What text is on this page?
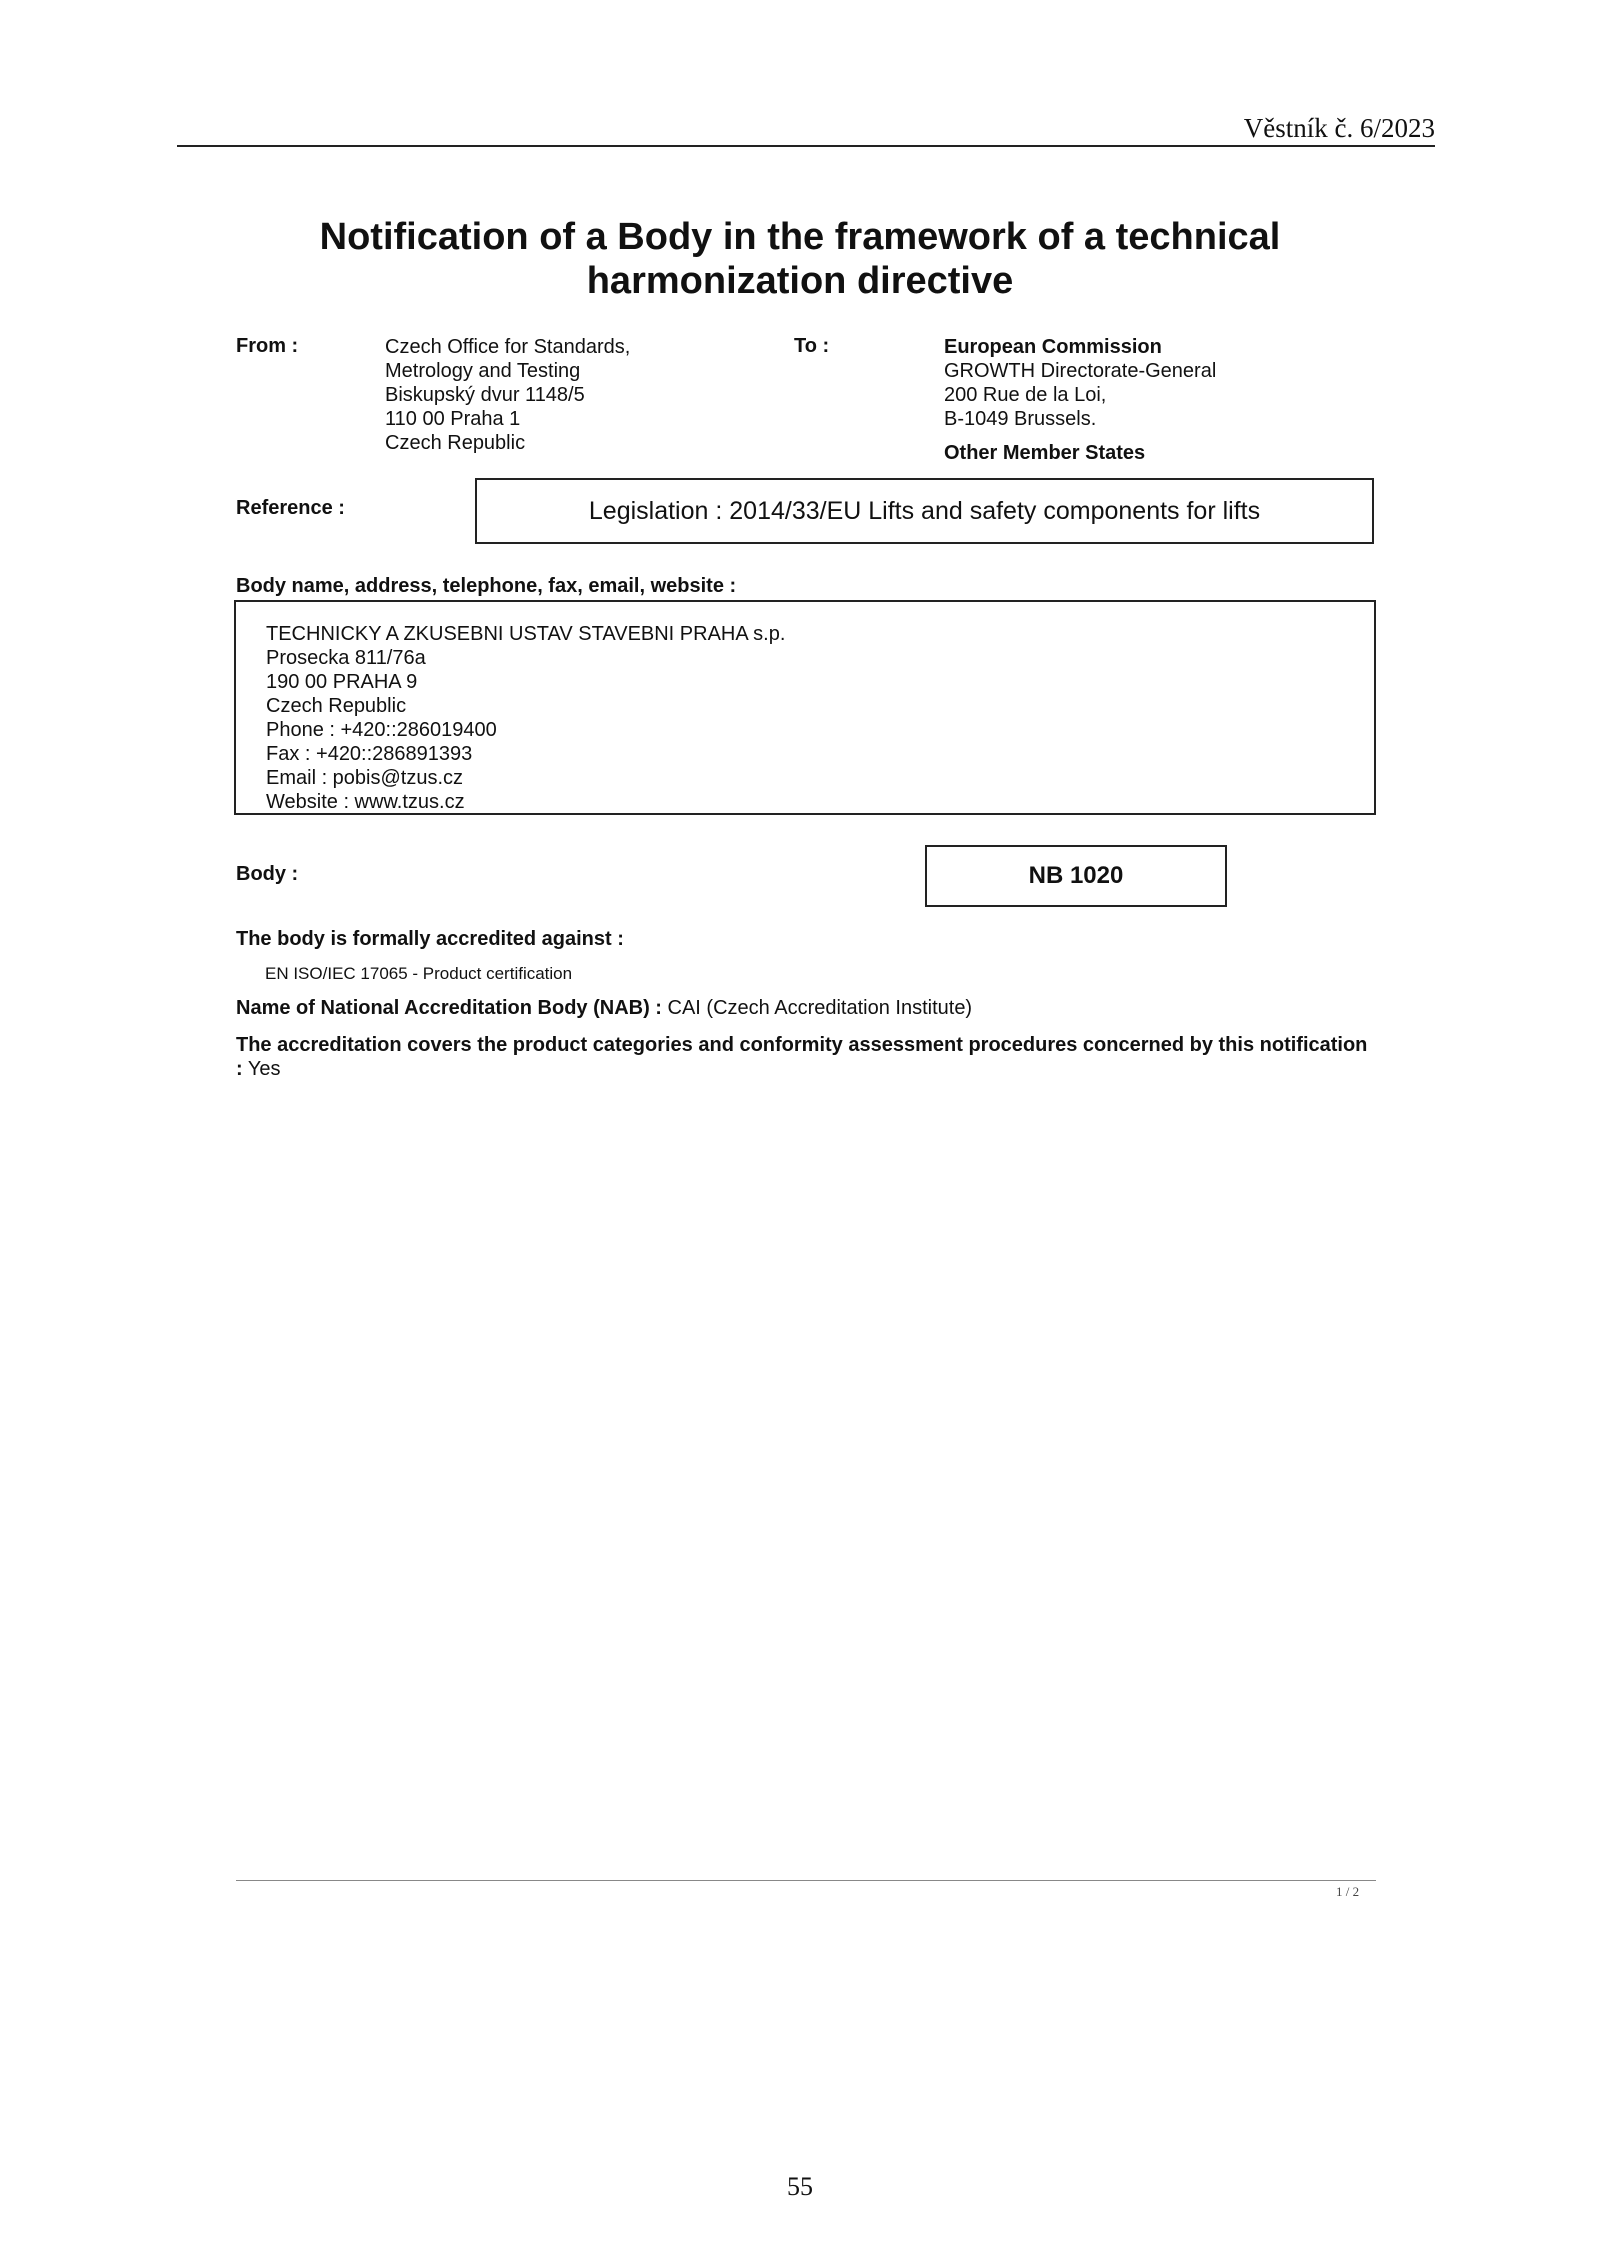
Věstník č. 6/2023
Notification of a Body in the framework of a technical
harmonization directive
From :	Czech Office for Standards,
Metrology and Testing
Biskupský dvur 1148/5
110 00 Praha 1
Czech Republic
To :	European Commission
GROWTH Directorate-General
200 Rue de la Loi,
B-1049 Brussels.
Other Member States
Reference :	Legislation : 2014/33/EU Lifts and safety components for lifts
Body name, address, telephone, fax, email, website :
TECHNICKY A ZKUSEBNI USTAV STAVEBNI PRAHA s.p.
Prosecka 811/76a
190 00 PRAHA 9
Czech Republic
Phone : +420::286019400
Fax : +420::286891393
Email : pobis@tzus.cz
Website : www.tzus.cz
Body :	NB 1020
The body is formally accredited against :
EN ISO/IEC 17065 - Product certification
Name of National Accreditation Body (NAB) : CAI (Czech Accreditation Institute)
The accreditation covers the product categories and conformity assessment procedures concerned by this notification : Yes
1 / 2
55
